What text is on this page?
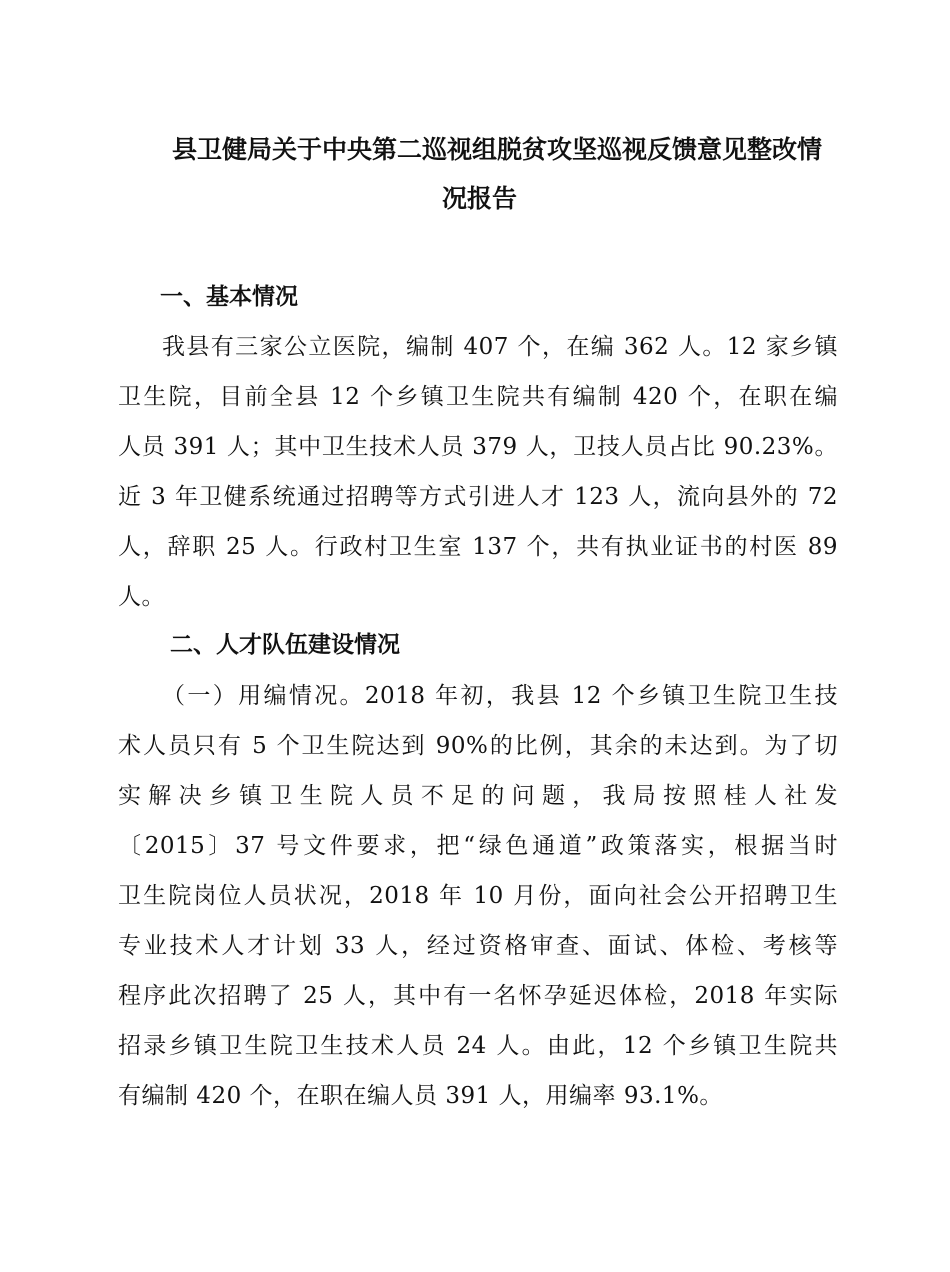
县卫健局关于中央第二巡视组脱贫攻坚巡视反馈意见整改情
况报告
一、基本情况
我县有三家公立医院，编制 407 个，在编 362 人。12 家乡镇
卫生院，目前全县 12 个乡镇卫生院共有编制 420 个，在职在编
人员 391 人；其中卫生技术人员 379 人，卫技人员占比 90.23%。
近 3 年卫健系统通过招聘等方式引进人才 123 人，流向县外的 72
人，辞职 25 人。行政村卫生室 137 个，共有执业证书的村医 89
人。
二、人才队伍建设情况
（一）用编情况。2018 年初，我县 12 个乡镇卫生院卫生技
术人员只有 5 个卫生院达到 90%的比例，其余的未达到。为了切
实解决乡镇卫生院人员不足的问题，我局按照桂人社发
〔2015〕37 号文件要求，把“绿色通道”政策落实，根据当时
卫生院岗位人员状况，2018 年 10 月份，面向社会公开招聘卫生
专业技术人才计划 33 人，经过资格审查、面试、体检、考核等
程序此次招聘了 25 人，其中有一名怀孕延迟体检，2018 年实际
招录乡镇卫生院卫生技术人员 24 人。由此，12 个乡镇卫生院共
有编制 420 个，在职在编人员 391 人，用编率 93.1%。
